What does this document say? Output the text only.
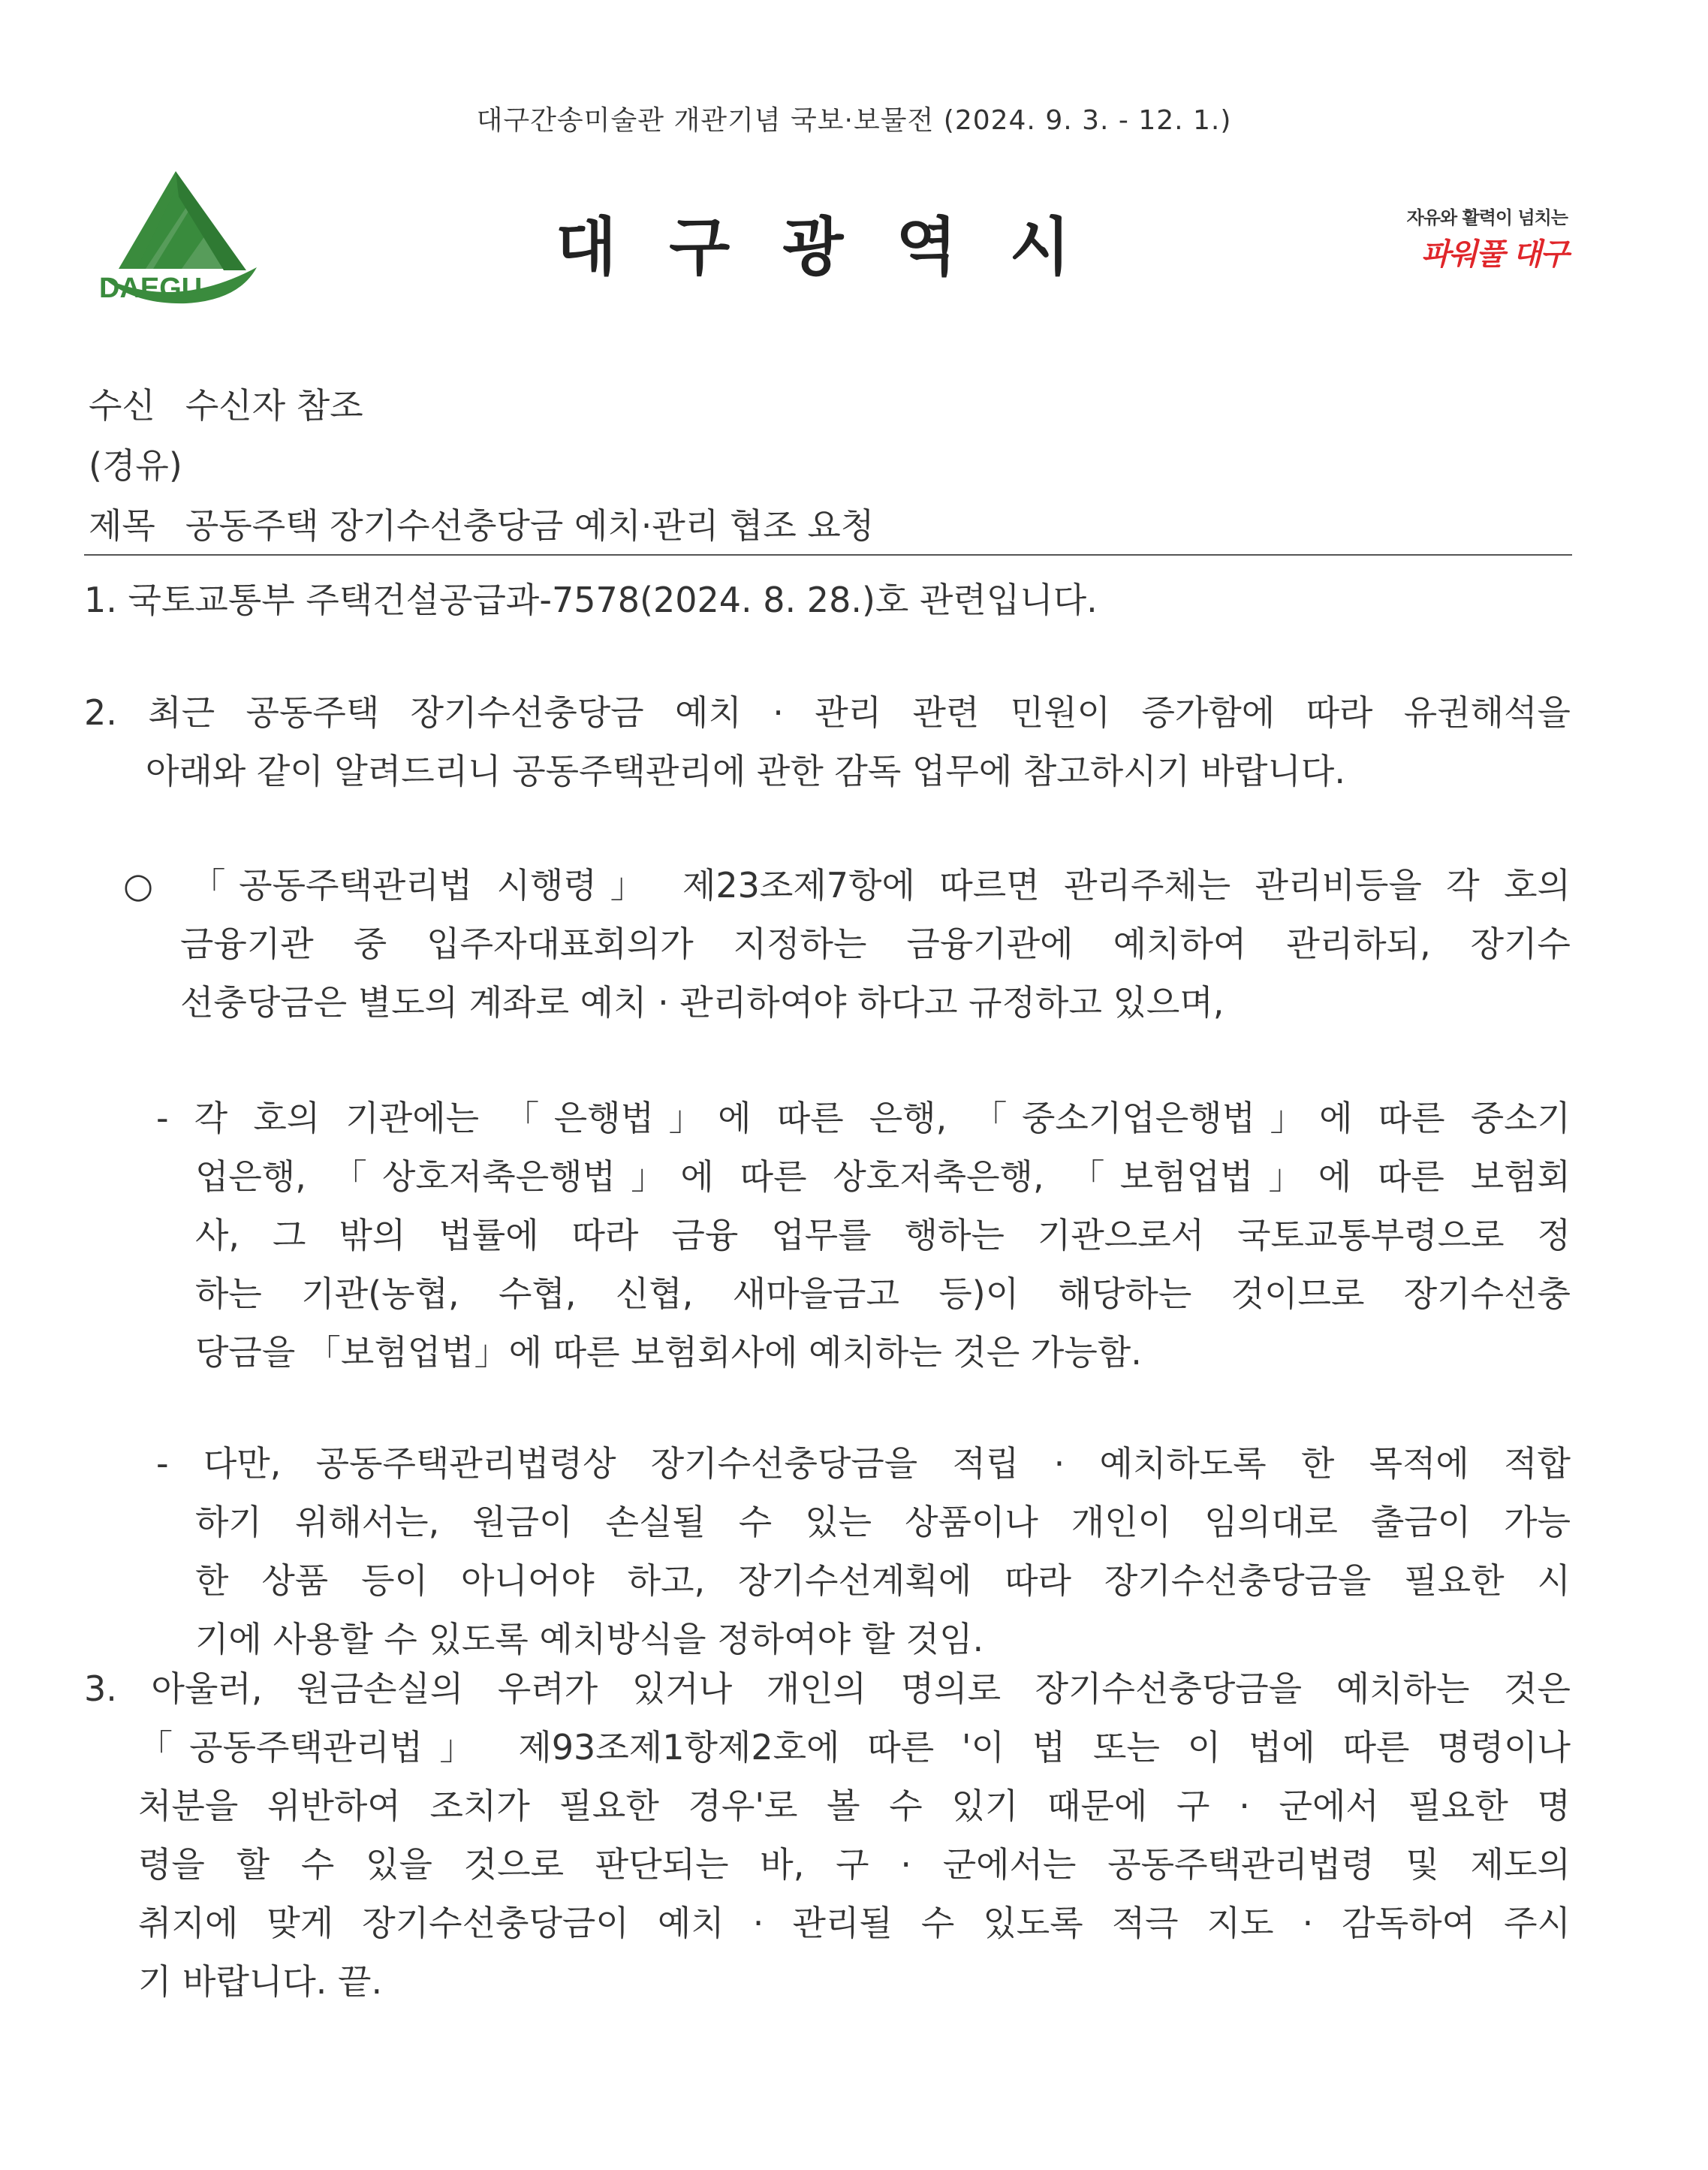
대구간송미술관 개관기념 국보·보물전 (2024. 9. 3. - 12. 1.)
DAEGU
대구광역시	자유와 활력이 넘치는
파워풀 대구
수신 수신자 참조
(경유)
제목 공동주택 장기수선충당금 예치·관리 협조 요청
1. 국토교통부 주택건설공급과-7578(2024. 8. 28.)호 관련입니다.
2. 최근 공동주택 장기수선충당금 예치 · 관리 관련 민원이 증가함에 따라 유권해석을
아래와 같이 알려드리니 공동주택관리에 관한 감독 업무에 참고하시기 바랍니다.
○ 「공동주택관리법 시행령」 제23조제7항에 따르면 관리주체는 관리비등을 각 호의
금융기관 중 입주자대표회의가 지정하는 금융기관에 예치하여 관리하되, 장기수
선충당금은 별도의 계좌로 예치 · 관리하여야 하다고 규정하고 있으며,
- 각 호의 기관에는 「은행법」에 따른 은행, 「중소기업은행법」에 따른 중소기
업은행, 「상호저축은행법」에 따른 상호저축은행, 「보험업법」에 따른 보험회
사, 그 밖의 법률에 따라 금융 업무를 행하는 기관으로서 국토교통부령으로 정
하는 기관(농협, 수협, 신협, 새마을금고 등)이 해당하는 것이므로 장기수선충
당금을 「보험업법」에 따른 보험회사에 예치하는 것은 가능함.
- 다만, 공동주택관리법령상 장기수선충당금을 적립 · 예치하도록 한 목적에 적합
하기 위해서는, 원금이 손실될 수 있는 상품이나 개인이 임의대로 출금이 가능
한 상품 등이 아니어야 하고, 장기수선계획에 따라 장기수선충당금을 필요한 시
기에 사용할 수 있도록 예치방식을 정하여야 할 것임.
3. 아울러, 원금손실의 우려가 있거나 개인의 명의로 장기수선충당금을 예치하는 것은
「공동주택관리법」 제93조제1항제2호에 따른 '이 법 또는 이 법에 따른 명령이나
처분을 위반하여 조치가 필요한 경우'로 볼 수 있기 때문에 구 · 군에서 필요한 명
령을 할 수 있을 것으로 판단되는 바, 구 · 군에서는 공동주택관리법령 및 제도의
취지에 맞게 장기수선충당금이 예치 · 관리될 수 있도록 적극 지도 · 감독하여 주시
기 바랍니다. 끝.
